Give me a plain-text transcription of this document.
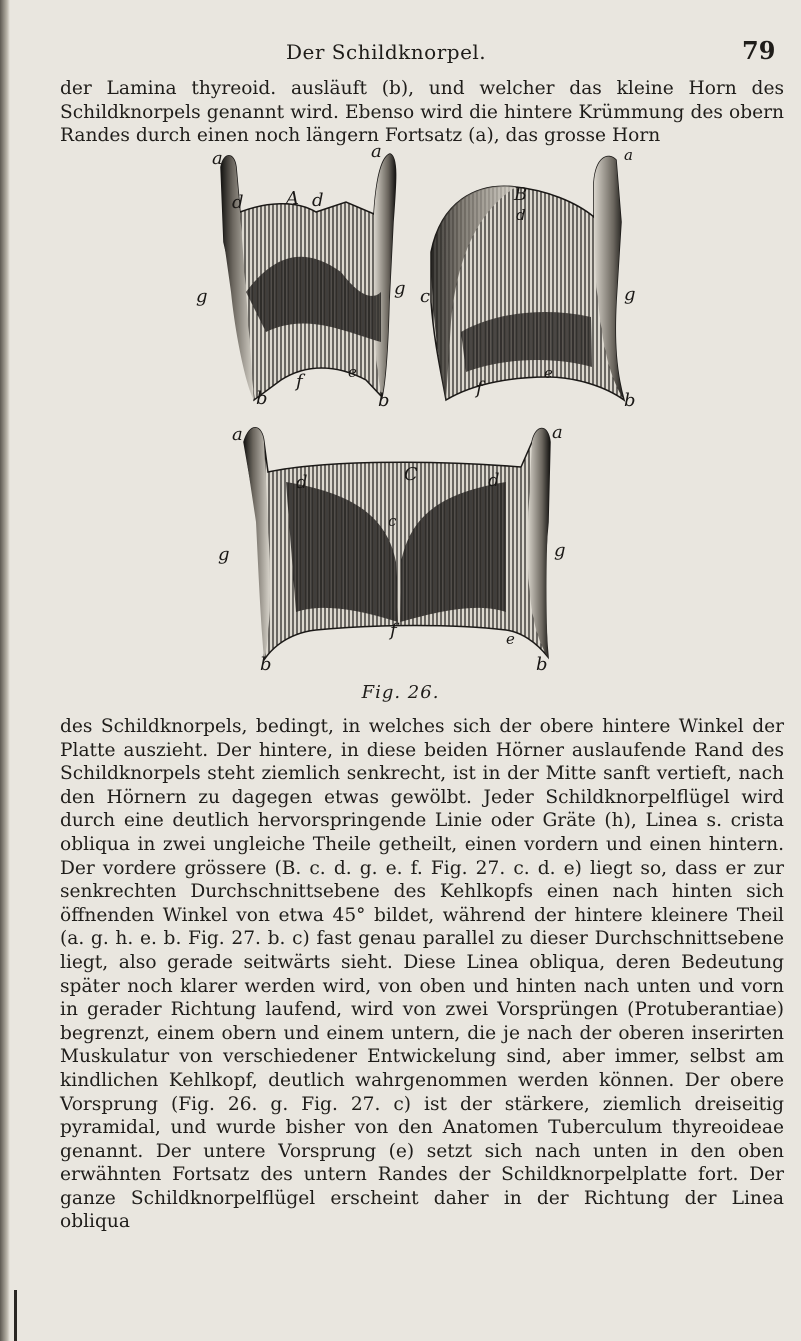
Der Schildknorpel.	79

der Lamina thyreoid. ausläuft (b), und welcher das kleine Horn des Schildknorpels genannt wird. Ebenso wird die hintere Krümmung des obern Randes durch einen noch längern Fortsatz (a), das grosse Horn

a	a
A
d	d
g	g
b	b
f	e
B
a
d
c	g
f
e
b
a	a
C
d	d
c
g	g
f	e
b	b
Fig. 26.

des Schildknorpels, bedingt, in welches sich der obere hintere Winkel der Platte auszieht. Der hintere, in diese beiden Hörner auslaufende Rand des Schildknorpels steht ziemlich senkrecht, ist in der Mitte sanft vertieft, nach den Hörnern zu dagegen etwas gewölbt. Jeder Schildknorpelflügel wird durch eine deutlich hervorspringende Linie oder Gräte (h), Linea s. crista obliqua in zwei ungleiche Theile getheilt, einen vordern und einen hintern. Der vordere grössere (B. c. d. g. e. f. Fig. 27. c. d. e) liegt so, dass er zur senkrechten Durchschnittsebene des Kehlkopfs einen nach hinten sich öffnenden Winkel von etwa 45° bildet, während der hintere kleinere Theil (a. g. h. e. b. Fig. 27. b. c) fast genau parallel zu dieser Durchschnittsebene liegt, also gerade seitwärts sieht. Diese Linea obliqua, deren Bedeutung später noch klarer werden wird, von oben und hinten nach unten und vorn in gerader Richtung laufend, wird von zwei Vorsprüngen (Protuberantiae) begrenzt, einem obern und einem untern, die je nach der oberen inserirten Muskulatur von verschiedener Entwickelung sind, aber immer, selbst am kindlichen Kehlkopf, deutlich wahrgenommen werden können. Der obere Vorsprung (Fig. 26. g. Fig. 27. c) ist der stärkere, ziemlich dreiseitig pyramidal, und wurde bisher von den Anatomen Tuberculum thyreoideae genannt. Der untere Vorsprung (e) setzt sich nach unten in den oben erwähnten Fortsatz des untern Randes der Schildknorpelplatte fort. Der ganze Schildknorpelflügel erscheint daher in der Richtung der Linea obliqua
